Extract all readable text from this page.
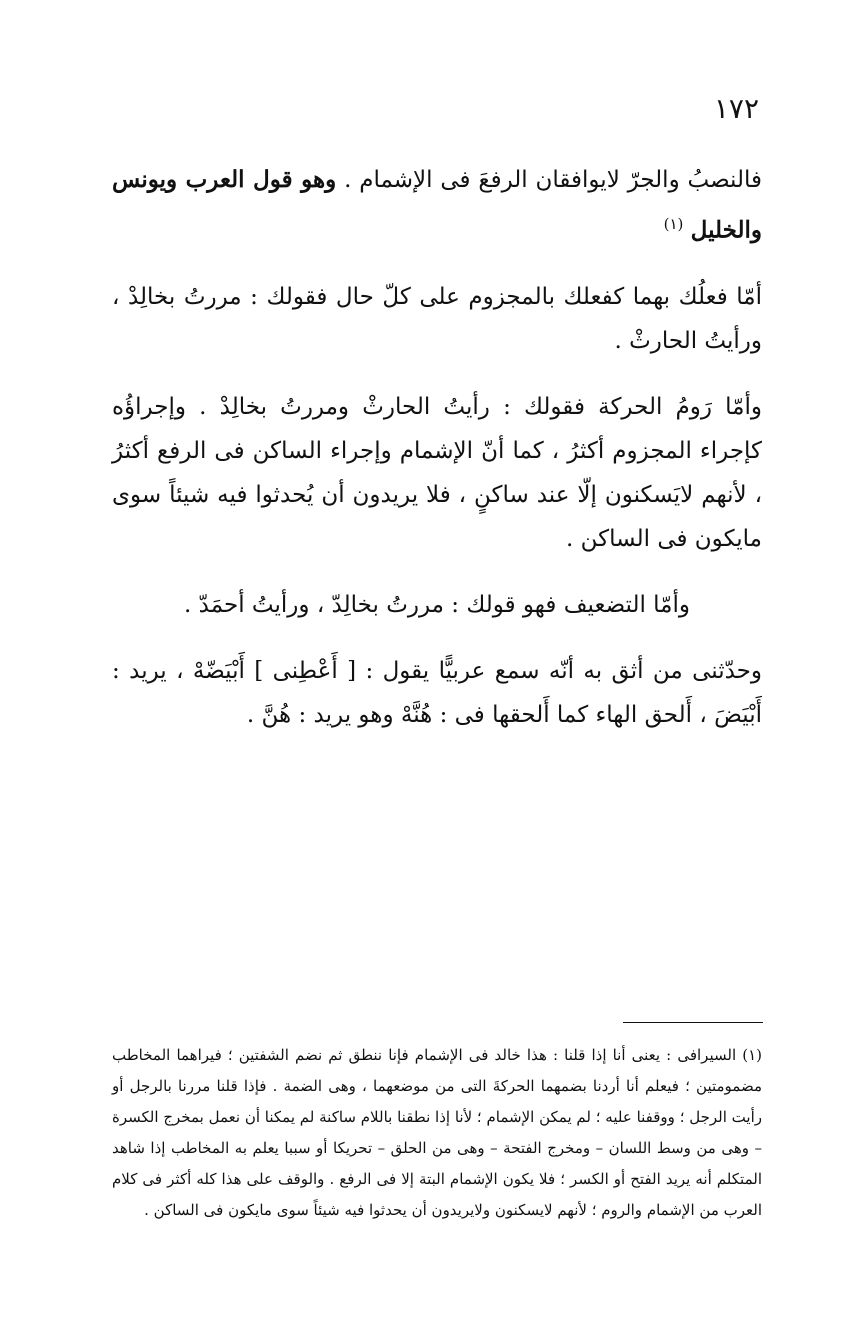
١٧٢

فالنصبُ والجرّ لايوافقان الرفعَ فى الإشمام . وهو قول العرب ويونس والخليل $^{(١)}$

أمّا فعلُك بهما كفعلك بالمجزوم على كلّ حال فقولك : مررتُ بخالِدْ ، ورأيتُ الحارثْ .

وأمّا رَومُ الحركة فقولك : رأيتُ الحارثْ ومررتُ بخالِدْ . وإجراؤُه كإجراء المجزوم أكثرُ ، كما أنّ الإشمام وإجراء الساكن فى الرفع أكثرُ ، لأنهم لايَسكنون إلّا عند ساكنٍ ، فلا يريدون أن يُحدثوا فيه شيئاً سوى مايكون فى الساكن .

وأمّا التضعيف فهو قولك : مررتُ بخالِدّ ، ورأيتُ أحمَدّ .

وحدّثنى من أثق به أنّه سمع عربيًّا يقول : [ أَعْطِنى ] أَبْيَضّهْ ، يريد : أَبْيَضَ ، أَلحق الهاء كما أَلحقها فى : هُنَّهْ وهو يريد : هُنَّ .

(١) السيرافى : يعنى أنا إذا قلنا : هذا خالد فى الإشمام فإنا ننطق ثم نضم الشفتين ؛ فيراهما المخاطب مضمومتين ؛ فيعلم أنا أردنا بضمهما الحركةَ التى من موضعهما ، وهى الضمة . فإذا قلنا مررنا بالرجل أو رأيت الرجل ؛ ووقفنا عليه ؛ لم يمكن الإشمام ؛ لأنا إذا نطقنا باللام ساكنة لم يمكنا أن نعمل بمخرج الكسرة – وهى من وسط اللسان – ومخرج الفتحة – وهى من الحلق – تحريكا أو سببا يعلم به المخاطب إذا شاهد المتكلم أنه يريد الفتح أو الكسر ؛ فلا يكون الإشمام البتة إلا فى الرفع . والوقف على هذا كله أكثر فى كلام العرب من الإشمام والروم ؛ لأنهم لايسكنون ولايريدون أن يحدثوا فيه شيئاً سوى مايكون فى الساكن .
